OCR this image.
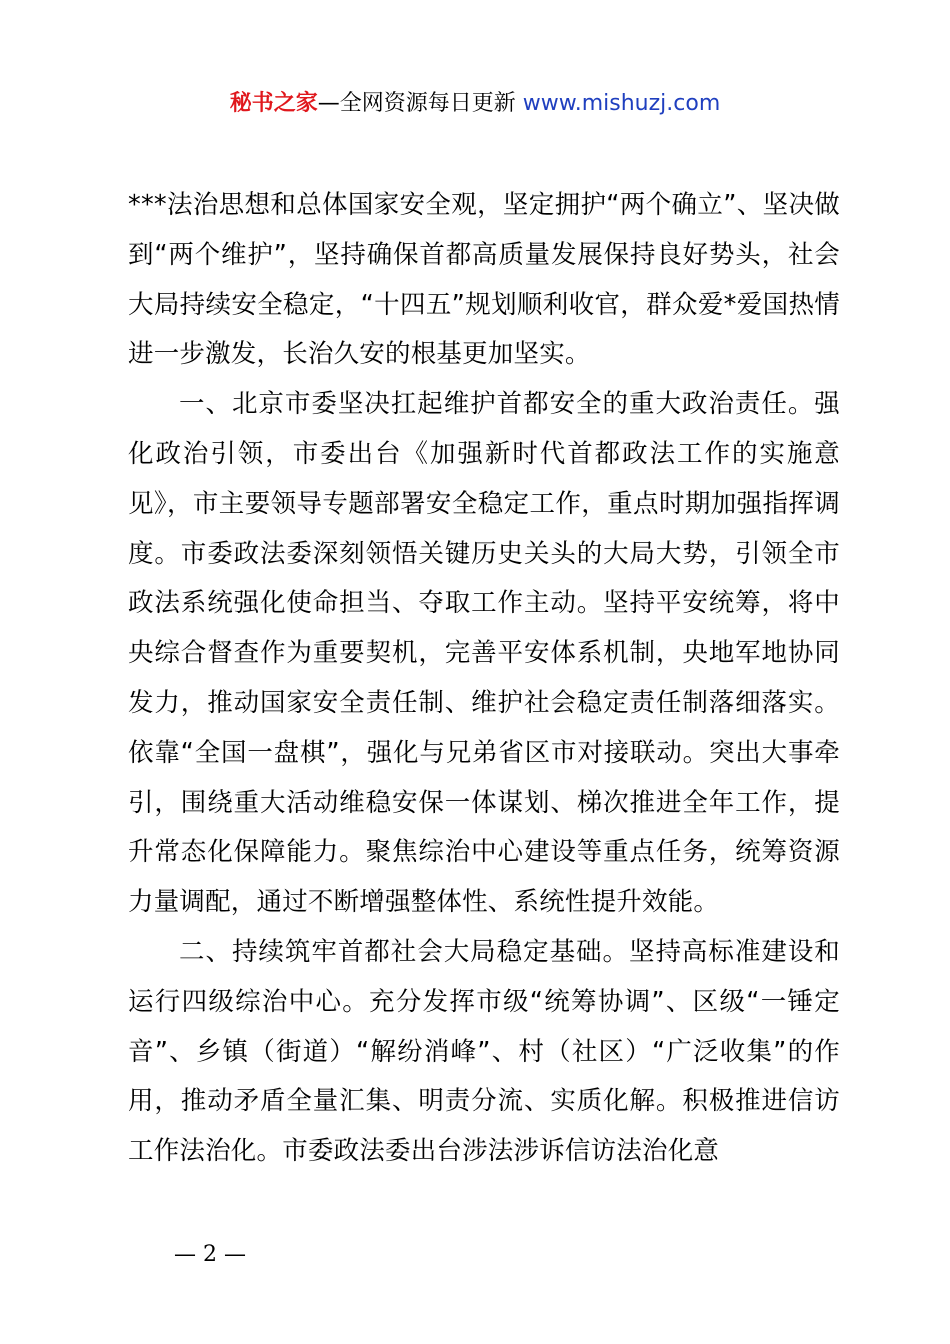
秘书之家—全网资源每日更新 www.mishuzj.com

***法治思想和总体国家安全观，坚定拥护“两个确立”、坚决做到“两个维护”，坚持确保首都高质量发展保持良好势头，社会大局持续安全稳定，“十四五”规划顺利收官，群众爱*爱国热情进一步激发，长治久安的根基更加坚实。

一、北京市委坚决扛起维护首都安全的重大政治责任。强化政治引领，市委出台《加强新时代首都政法工作的实施意见》，市主要领导专题部署安全稳定工作，重点时期加强指挥调度。市委政法委深刻领悟关键历史关头的大局大势，引领全市政法系统强化使命担当、夺取工作主动。坚持平安统筹，将中央综合督查作为重要契机，完善平安体系机制，央地军地协同发力，推动国家安全责任制、维护社会稳定责任制落细落实。依靠“全国一盘棋”，强化与兄弟省区市对接联动。突出大事牵引，围绕重大活动维稳安保一体谋划、梯次推进全年工作，提升常态化保障能力。聚焦综治中心建设等重点任务，统筹资源力量调配，通过不断增强整体性、系统性提升效能。

二、持续筑牢首都社会大局稳定基础。坚持高标准建设和运行四级综治中心。充分发挥市级“统筹协调”、区级“一锤定音”、乡镇（街道）“解纷消峰”、村（社区）“广泛收集”的作用，推动矛盾全量汇集、明责分流、实质化解。积极推进信访工作法治化。市委政法委出台涉法涉诉信访法治化意

— 2 —
